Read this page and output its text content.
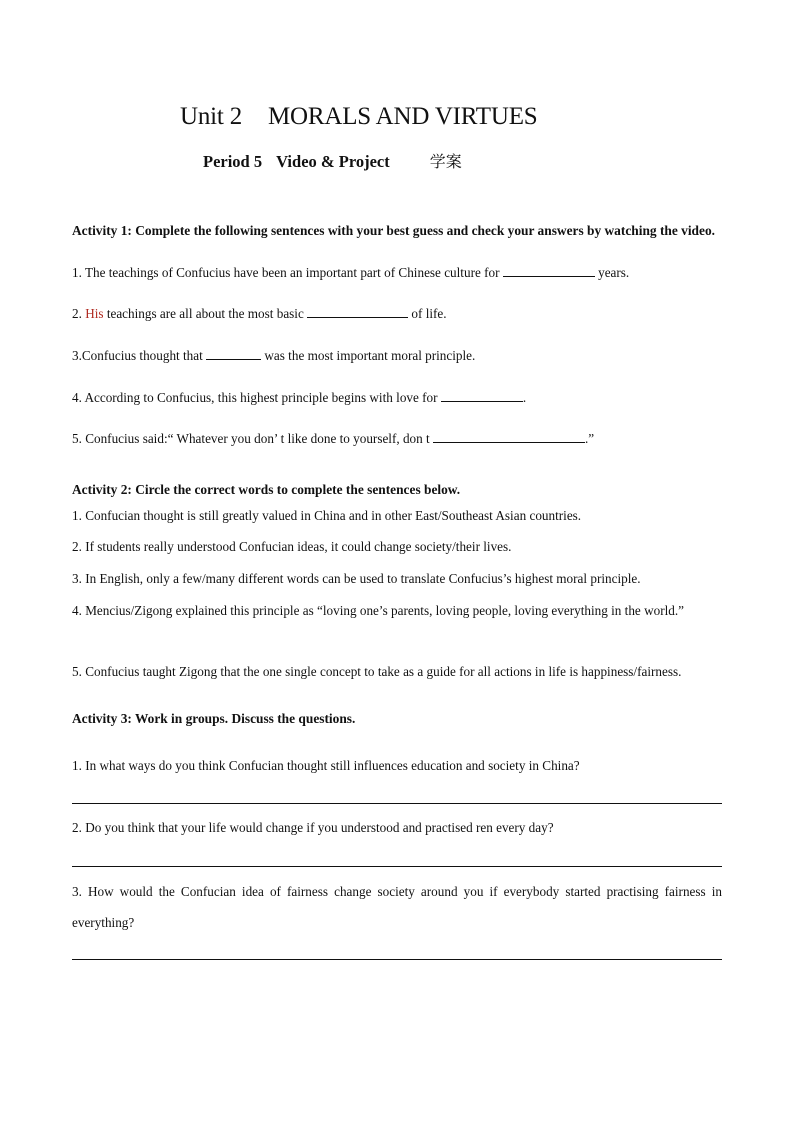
Unit 2 MORALS AND VIRTUES
Period 5 Video & Project	学案
Activity 1: Complete the following sentences with your best guess and check your answers by watching the video.
1. The teachings of Confucius have been an important part of Chinese culture for	years.
2. His teachings are all about the most basic	of life.
3.Confucius thought that	was the most important moral principle.
4. According to Confucius, this highest principle begins with love for	.
5. Confucius said:“ Whatever you don’ t like done to yourself, don t	.”
Activity 2: Circle the correct words to complete the sentences below.
1. Confucian thought is still greatly valued in China and in other East/Southeast Asian countries.
2. If students really understood Confucian ideas, it could change society/their lives.
3. In English, only a few/many different words can be used to translate Confucius’s highest moral principle.
4. Mencius/Zigong explained this principle as “loving one’s parents, loving people, loving everything in the world.”
5. Confucius taught Zigong that the one single concept to take as a guide for all actions in life is happiness/fairness.
Activity 3: Work in groups. Discuss the questions.
1. In what ways do you think Confucian thought still influences education and society in China?
2. Do you think that your life would change if you understood and practised ren every day?
3. How would the Confucian idea of fairness change society around you if everybody started practising fairness in everything?
